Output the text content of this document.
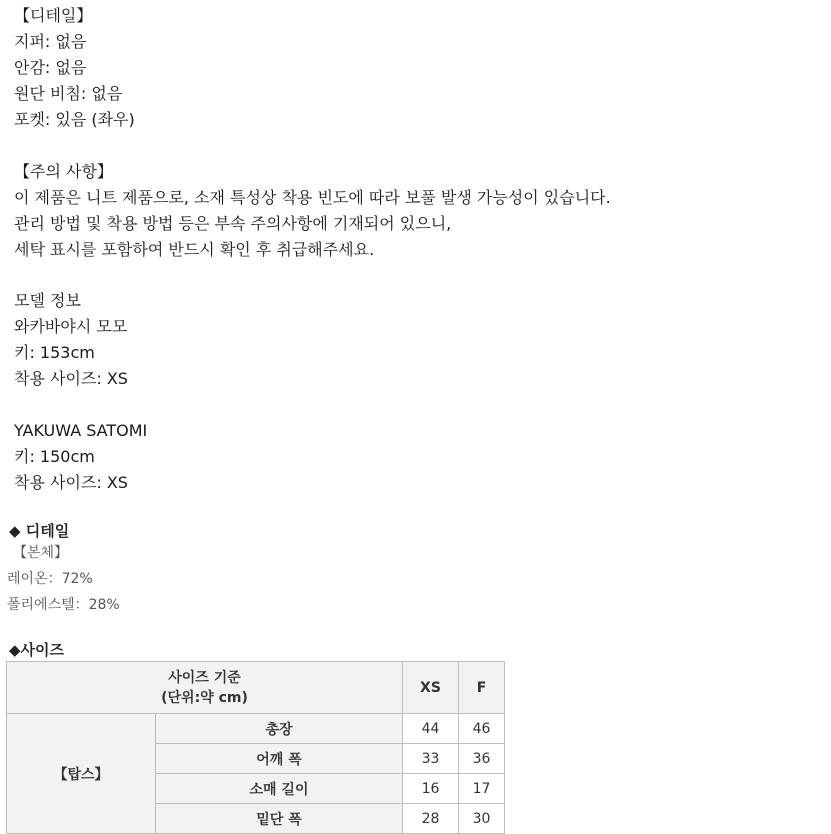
【디테일】
지퍼: 없음
안감: 없음
원단 비침: 없음
포켓: 있음 (좌우)
【주의 사항】
이 제품은 니트 제품으로, 소재 특성상 착용 빈도에 따라 보풀 발생 가능성이 있습니다.
관리 방법 및 착용 방법 등은 부속 주의사항에 기재되어 있으니,
세탁 표시를 포함하여 반드시 확인 후 취급해주세요.
모델 정보
와카바야시 모모
키: 153cm
착용 사이즈: XS
YAKUWA SATOMI
키: 150cm
착용 사이즈: XS
◆ 디테일
【본체】
레이온：72%
폴리에스텔：28%
◆사이즈
사이즈 기준
(단위:약 cm)		XS	F
【탑스】	총장	44	46
	어깨 폭	33	36
	소매 길이	16	17
	밑단 폭	28	30
